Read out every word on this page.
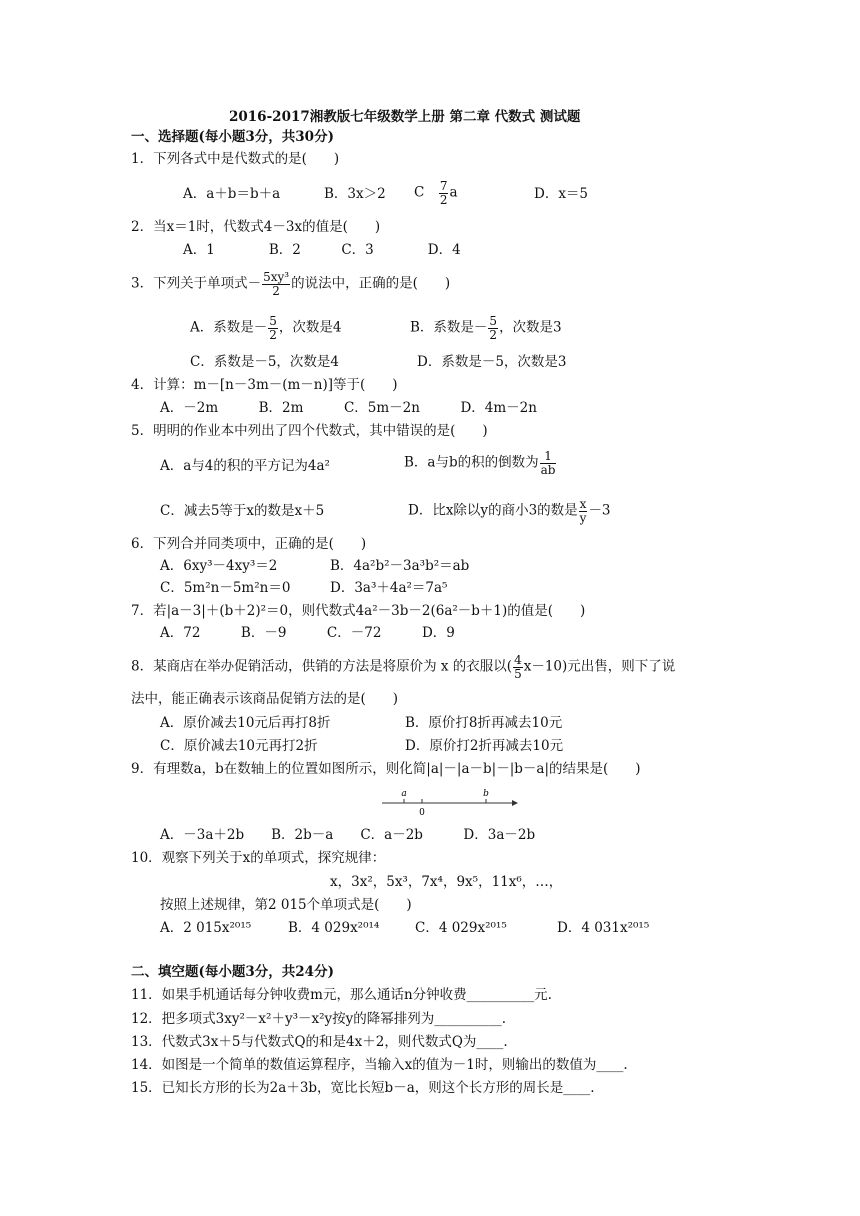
2016-2017湘教版七年级数学上册 第二章 代数式 测试题
一、选择题(每小题3分，共30分)
1．下列各式中是代数式的是(　　)
A．a＋b＝b＋a	B．3x＞2 C　 $\frac{7}{2}$ a	D．x＝5
2．当x＝1时，代数式4－3x的值是(　　)
A．1　　　　B．2　　　C．3　　　　D．4
3．下列关于单项式－ $\frac{\text{5xy³}}{2}$ 的说法中，正确的是(　　)
A．系数是－ $\frac{5}{2}$ ，次数是4	B．系数是－ $\frac{5}{2}$ ，次数是3
C．系数是－5，次数是4	D．系数是－5，次数是3
4．计算：m－[n－3m－(m－n)]等于(　　)
A．－2m　　　B．2m　　　C．5m－2n　　　D．4m－2n
5．明明的作业本中列出了四个代数式，其中错误的是(　　)
A．a与4的积的平方记为4a²	B．a与b的积的倒数为 $\frac{1}{ab}$
C．减去5等于x的数是x＋5	D．比x除以y的商小3的数是 $\frac{x}{y} -3$
6．下列合并同类项中，正确的是(　　)
A．6xy³－4xy³＝2	B．4a²b²－3a³b²＝ab
C．5m²n－5m²n＝0	D．3a³＋4a²＝7a⁵
7．若|a－3|＋(b＋2)²＝0，则代数式4a²－3b－2(6a²－b＋1)的值是(　　)
A．72　　　B．－9　　　C．－72　　　D．9
8．某商店在举办促销活动，供销的方法是将原价为 x 的衣服以( $\frac{4}{5} x-10$)元出售，则下了说
法中，能正确表示该商品促销方法的是(　　)
A．原价减去10元后再打8折	B．原价打8折再减去10元
C．原价减去10元再打2折	D．原价打2折再减去10元
9．有理数a，b在数轴上的位置如图所示，则化简|a|－|a－b|－|b－a|的结果是(　　)
a
0
b
A．－3a＋2b　　B．2b－a　　C．a－2b　　　D．3a－2b
10．观察下列关于x的单项式，探究规律：
x，3x²，5x³，7x⁴，9x⁵，11x⁶，…，
按照上述规律，第2 015个单项式是(　　)
A．2 015x²⁰¹⁵	B．4 029x²⁰¹⁴	C．4 029x²⁰¹⁵	D．4 031x²⁰¹⁵
二、填空题(每小题3分，共24分)
11．如果手机通话每分钟收费m元，那么通话n分钟收费__________元.
12．把多项式3xy²－x²＋y³－x²y按y的降幂排列为__________.
13．代数式3x＋5与代数式Q的和是4x＋2，则代数式Q为____.
14．如图是一个简单的数值运算程序，当输入x的值为－1时，则输出的数值为____.
15．已知长方形的长为2a＋3b，宽比长短b－a，则这个长方形的周长是____.
